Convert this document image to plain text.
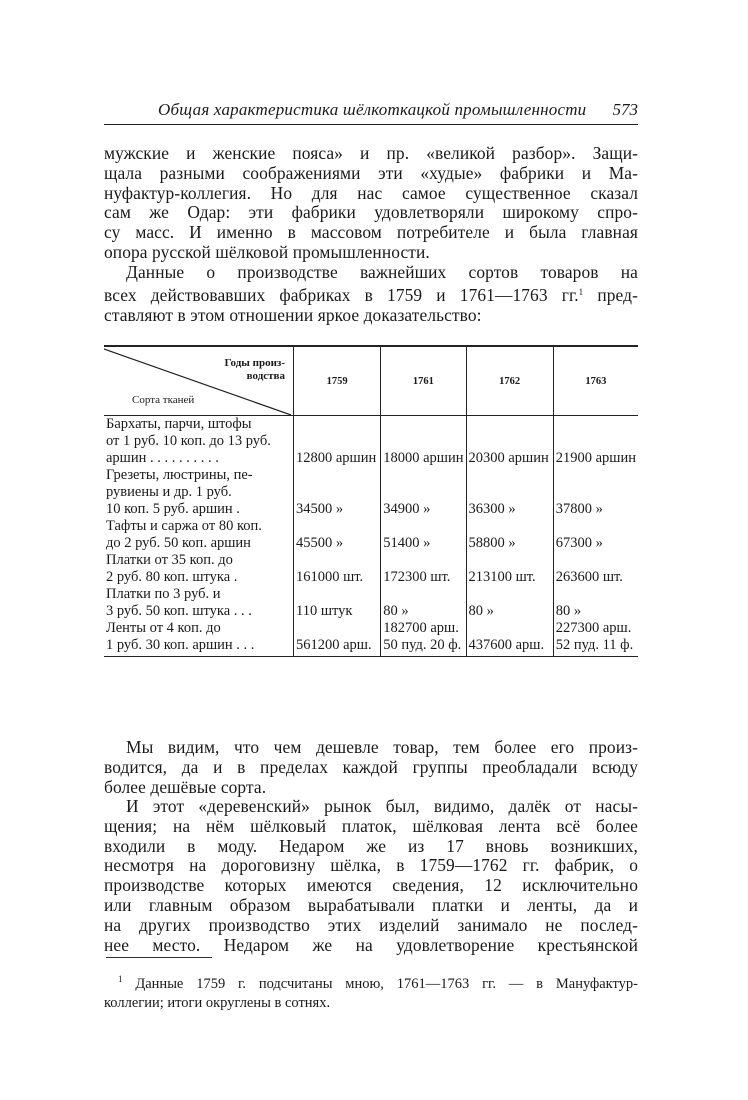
Общая характеристика шёлкоткацкой промышленности 573
мужские и женские пояса» и пр. «великой разбор». Защи-
щала разными соображениями эти «худые» фабрики и Ма-
нуфактур-коллегия. Но для нас самое существенное сказал
сам же Одар: эти фабрики удовлетворяли широкому спро-
су масс. И именно в массовом потребителе и была главная
опора русской шёлковой промышленности.
Данные о производстве важнейших сортов товаров на
всех действовавших фабриках в 1759 и 1761—1763 гг.$^1$ пред-
ставляют в этом отношении яркое доказательство:
Годы произ-
водства
Сорта тканей	1759	1761	1762	1763

Бархаты, парчи, штофы
от 1 руб. 10 коп. до 13 руб.
аршин . . . . . . . . . .	12800 аршин	18000 аршин	20300 аршин	21900 аршин

Грезеты, люстрины, пе-
рувиены и др. 1 руб.
10 коп. 5 руб. аршин .	34500 »	34900 »	36300 »	37800 »

Тафты и саржа от 80 коп.
до 2 руб. 50 коп. аршин	45500 »	51400 »	58800 »	67300 »

Платки от 35 коп. до
2 руб. 80 коп. штука .	161000 шт.	172300 шт.	213100 шт.	263600 шт.

Платки по 3 руб. и
3 руб. 50 коп. штука . . .	110 штук	80 »	80 »	80 »

Ленты от 4 коп. до
1 руб. 30 коп. аршин . . .	561200 арш.	182700 арш. 50 пуд. 20 ф.	437600 арш.	227300 арш. 52 пуд. 11 ф.
Мы видим, что чем дешевле товар, тем более его произ-
водится, да и в пределах каждой группы преобладали всюду
более дешёвые сорта.
И этот «деревенский» рынок был, видимо, далёк от насы-
щения; на нём шёлковый платок, шёлковая лента всё более
входили в моду. Недаром же из 17 вновь возникших,
несмотря на дороговизну шёлка, в 1759—1762 гг. фабрик, о
производстве которых имеются сведения, 12 исключительно
или главным образом вырабатывали платки и ленты, да и
на других производство этих изделий занимало не послед-
нее место. Недаром же на удовлетворение крестьянской
$^1$ Данные 1759 г. подсчитаны мною, 1761—1763 гг. — в Мануфактур-
коллегии; итоги округлены в сотнях.
